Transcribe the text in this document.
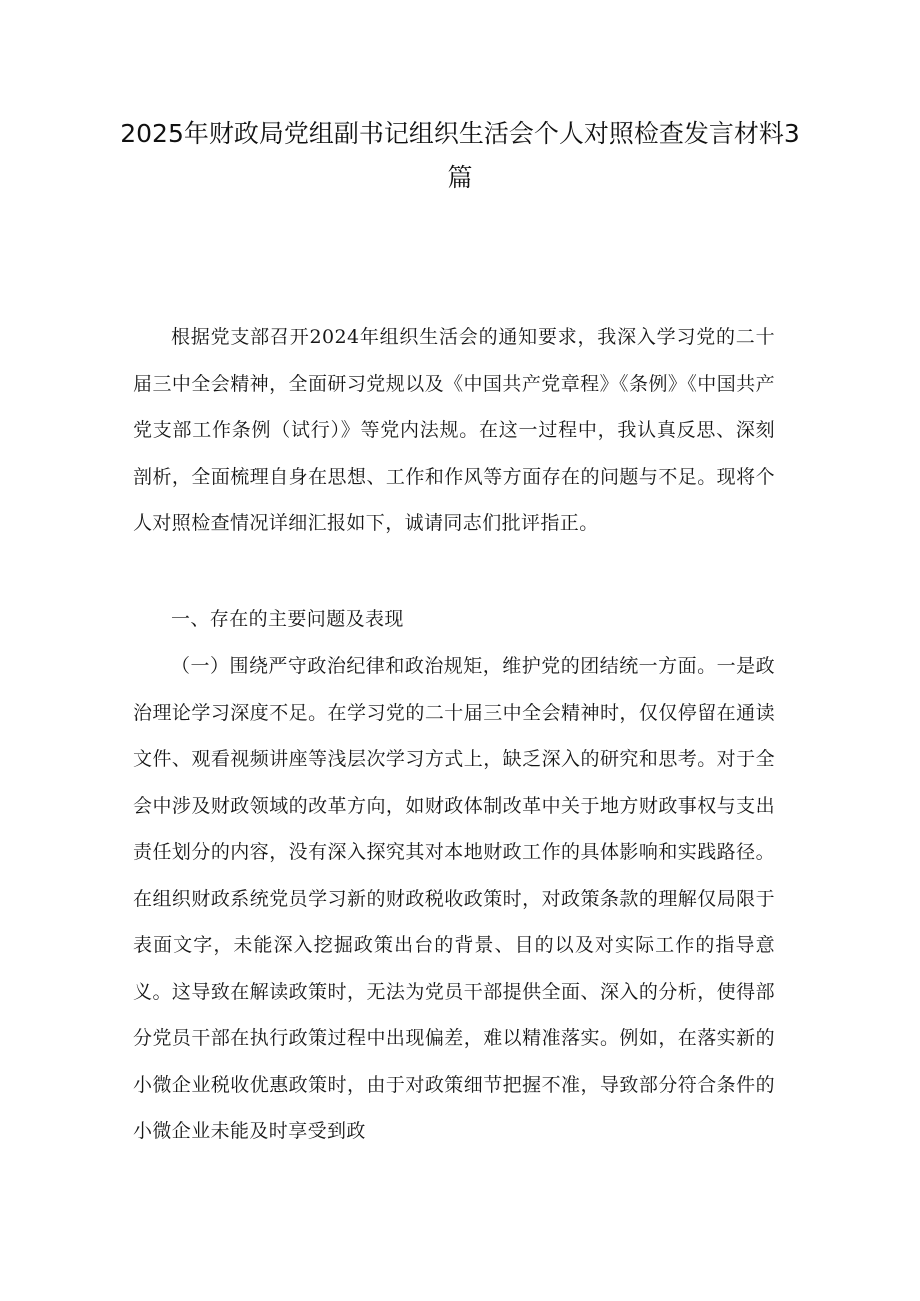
2025年财政局党组副书记组织生活会个人对照检查发言材料3篇

根据党支部召开2024年组织生活会的通知要求，我深入学习党的二十届三中全会精神，全面研习党规以及《中国共产党章程》《条例》《中国共产党支部工作条例（试行）》等党内法规。在这一过程中，我认真反思、深刻剖析，全面梳理自身在思想、工作和作风等方面存在的问题与不足。现将个人对照检查情况详细汇报如下，诚请同志们批评指正。

一、存在的主要问题及表现

（一）围绕严守政治纪律和政治规矩，维护党的团结统一方面。一是政治理论学习深度不足。在学习党的二十届三中全会精神时，仅仅停留在通读文件、观看视频讲座等浅层次学习方式上，缺乏深入的研究和思考。对于全会中涉及财政领域的改革方向，如财政体制改革中关于地方财政事权与支出责任划分的内容，没有深入探究其对本地财政工作的具体影响和实践路径。在组织财政系统党员学习新的财政税收政策时，对政策条款的理解仅局限于表面文字，未能深入挖掘政策出台的背景、目的以及对实际工作的指导意义。这导致在解读政策时，无法为党员干部提供全面、深入的分析，使得部分党员干部在执行政策过程中出现偏差，难以精准落实。例如，在落实新的小微企业税收优惠政策时，由于对政策细节把握不准，导致部分符合条件的小微企业未能及时享受到政
